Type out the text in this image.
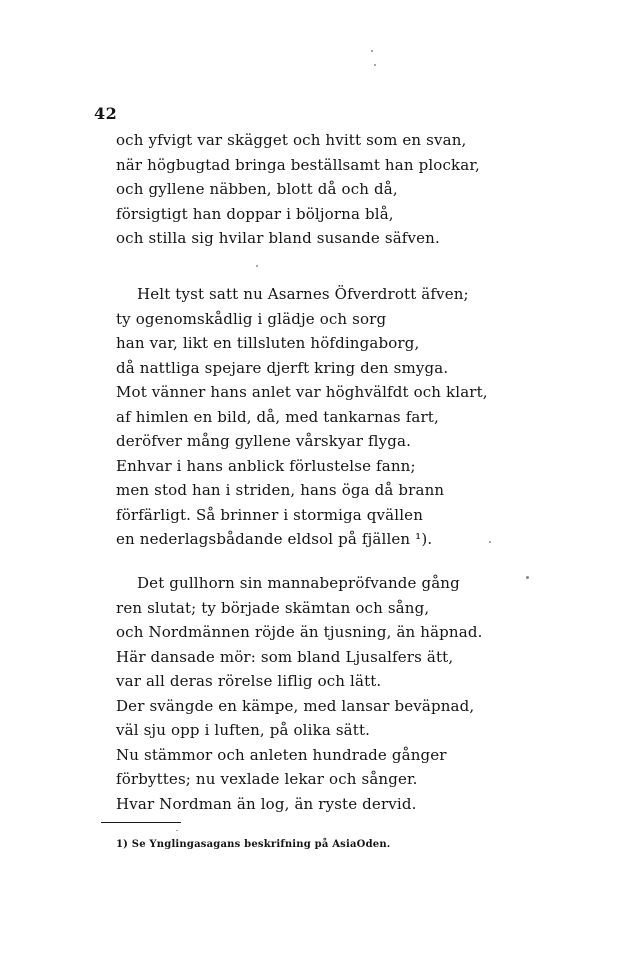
42
och yfvigt var skägget och hvitt som en svan,
när högbugtad bringa beställsamt han plockar,
och gyllene näbben, blott då och då,
försigtigt han doppar i böljorna blå,
och stilla sig hvilar bland susande säfven.
Helt tyst satt nu Asarnes Öfverdrott äfven;
ty ogenomskådlig i glädje och sorg
han var, likt en tillsluten höfdingaborg,
då nattliga spejare djerft kring den smyga.
Mot vänner hans anlet var höghvälfdt och klart,
af himlen en bild, då, med tankarnas fart,
deröfver mång gyllene vårskyar flyga.
Enhvar i hans anblick förlustelse fann;
men stod han i striden, hans öga då brann
förfärligt. Så brinner i stormiga qvällen
en nederlagsbådande eldsol på fjällen ¹).
Det gullhorn sin mannabepröfvande gång
ren slutat; ty började skämtan och sång,
och Nordmännen röjde än tjusning, än häpnad.
Här dansade mör: som bland Ljusalfers ätt,
var all deras rörelse liflig och lätt.
Der svängde en kämpe, med lansar beväpnad,
väl sju opp i luften, på olika sätt.
Nu stämmor och anleten hundrade gånger
förbyttes; nu vexlade lekar och sånger.
Hvar Nordman än log, än ryste dervid.
1) Se Ynglingasagans beskrifning på AsiaOden.
